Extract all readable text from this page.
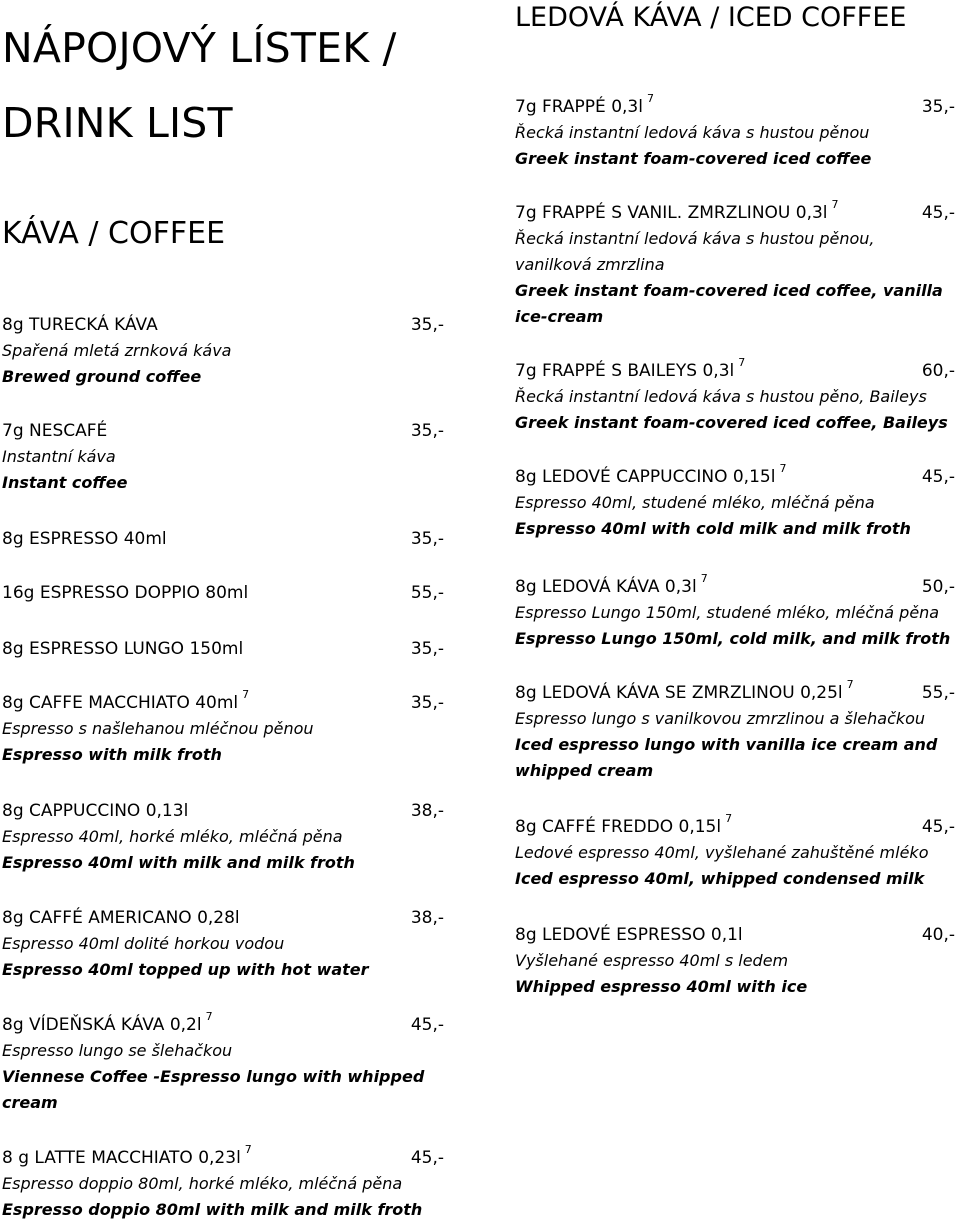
NÁPOJOVÝ LÍSTEK /
DRINK LIST
KÁVA / COFFEE
8g TURECKÁ KÁVA	35,-
Spařená mletá zrnková káva
Brewed ground coffee
7g NESCAFÉ	35,-
Instantní káva
Instant coffee
8g ESPRESSO 40ml	35,-
16g ESPRESSO DOPPIO 80ml	55,-
8g ESPRESSO LUNGO 150ml	35,-
8g CAFFE MACCHIATO 40ml $^7$	35,-
Espresso s našlehanou mléčnou pěnou
Espresso with milk froth
8g CAPPUCCINO 0,13l	38,-
Espresso 40ml, horké mléko, mléčná pěna
Espresso 40ml with milk and milk froth
8g CAFFÉ AMERICANO 0,28l	38,-
Espresso 40ml dolité horkou vodou
Espresso 40ml topped up with hot water
8g VÍDEŇSKÁ KÁVA 0,2l $^7$	45,-
Espresso lungo se šlehačkou
Viennese Coffee -Espresso lungo with whipped cream
8 g LATTE MACCHIATO 0,23l $^7$	45,-
Espresso doppio 80ml, horké mléko, mléčná pěna
Espresso doppio 80ml with milk and milk froth
LEDOVÁ KÁVA / ICED COFFEE
7g FRAPPÉ 0,3l $^7$	35,-
Řecká instantní ledová káva s hustou pěnou
Greek instant foam-covered iced coffee
7g FRAPPÉ S VANIL. ZMRZLINOU 0,3l $^7$	45,-
Řecká instantní ledová káva s hustou pěnou, vanilková zmrzlina
Greek instant foam-covered iced coffee, vanilla ice-cream
7g FRAPPÉ S BAILEYS 0,3l $^7$	60,-
Řecká instantní ledová káva s hustou pěno, Baileys
Greek instant foam-covered iced coffee, Baileys
8g LEDOVÉ CAPPUCCINO 0,15l $^7$	45,-
Espresso 40ml, studené mléko, mléčná pěna
Espresso 40ml with cold milk and milk froth
8g LEDOVÁ KÁVA 0,3l $^7$	50,-
Espresso Lungo 150ml, studené mléko, mléčná pěna
Espresso Lungo 150ml, cold milk, and milk froth
8g LEDOVÁ KÁVA SE ZMRZLINOU 0,25l $^7$	55,-
Espresso lungo s vanilkovou zmrzlinou a šlehačkou
Iced espresso lungo with vanilla ice cream and whipped cream
8g CAFFÉ FREDDO 0,15l $^7$	45,-
Ledové espresso 40ml, vyšlehané zahuštěné mléko
Iced espresso 40ml, whipped condensed milk
8g LEDOVÉ ESPRESSO 0,1l	40,-
Vyšlehané espresso 40ml s ledem
Whipped espresso 40ml with ice
